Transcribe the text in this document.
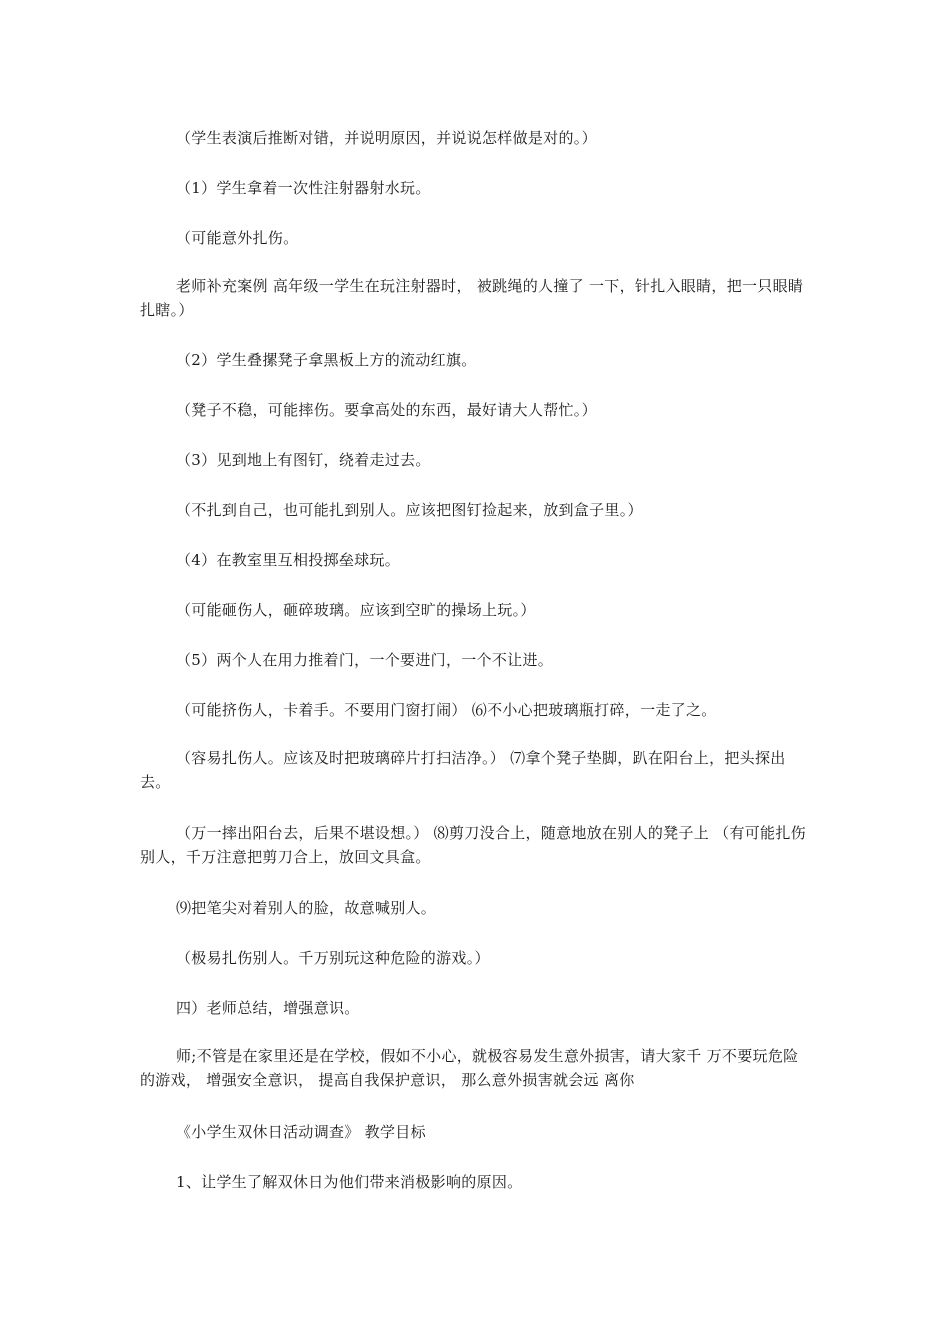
（学生表演后推断对错，并说明原因，并说说怎样做是对的。）

（1）学生拿着一次性注射器射水玩。

（可能意外扎伤。

老师补充案例 高年级一学生在玩注射器时， 被跳绳的人撞了 一下，针扎入眼睛，把一只眼睛扎瞎。）

（2）学生叠摞凳子拿黑板上方的流动红旗。

（凳子不稳，可能摔伤。要拿高处的东西，最好请大人帮忙。）

（3）见到地上有图钉，绕着走过去。

（不扎到自己，也可能扎到别人。应该把图钉捡起来，放到盒子里。）

（4）在教室里互相投掷垒球玩。

（可能砸伤人，砸碎玻璃。应该到空旷的操场上玩。）

（5）两个人在用力推着门，一个要进门，一个不让进。

（可能挤伤人，卡着手。不要用门窗打闹） ⑹不小心把玻璃瓶打碎，一走了之。

（容易扎伤人。应该及时把玻璃碎片打扫洁净。） ⑺拿个凳子垫脚，趴在阳台上，把头探出去。

（万一摔出阳台去，后果不堪设想。） ⑻剪刀没合上，随意地放在别人的凳子上 （有可能扎伤别人，千万注意把剪刀合上，放回文具盒。

⑼把笔尖对着别人的脸，故意喊别人。

（极易扎伤别人。千万别玩这种危险的游戏。）

四）老师总结，增强意识。

师;不管是在家里还是在学校，假如不小心，就极容易发生意外损害，请大家千 万不要玩危险的游戏， 增强安全意识， 提高自我保护意识， 那么意外损害就会远 离你

《小学生双休日活动调查》 教学目标

1、让学生了解双休日为他们带来消极影响的原因。
